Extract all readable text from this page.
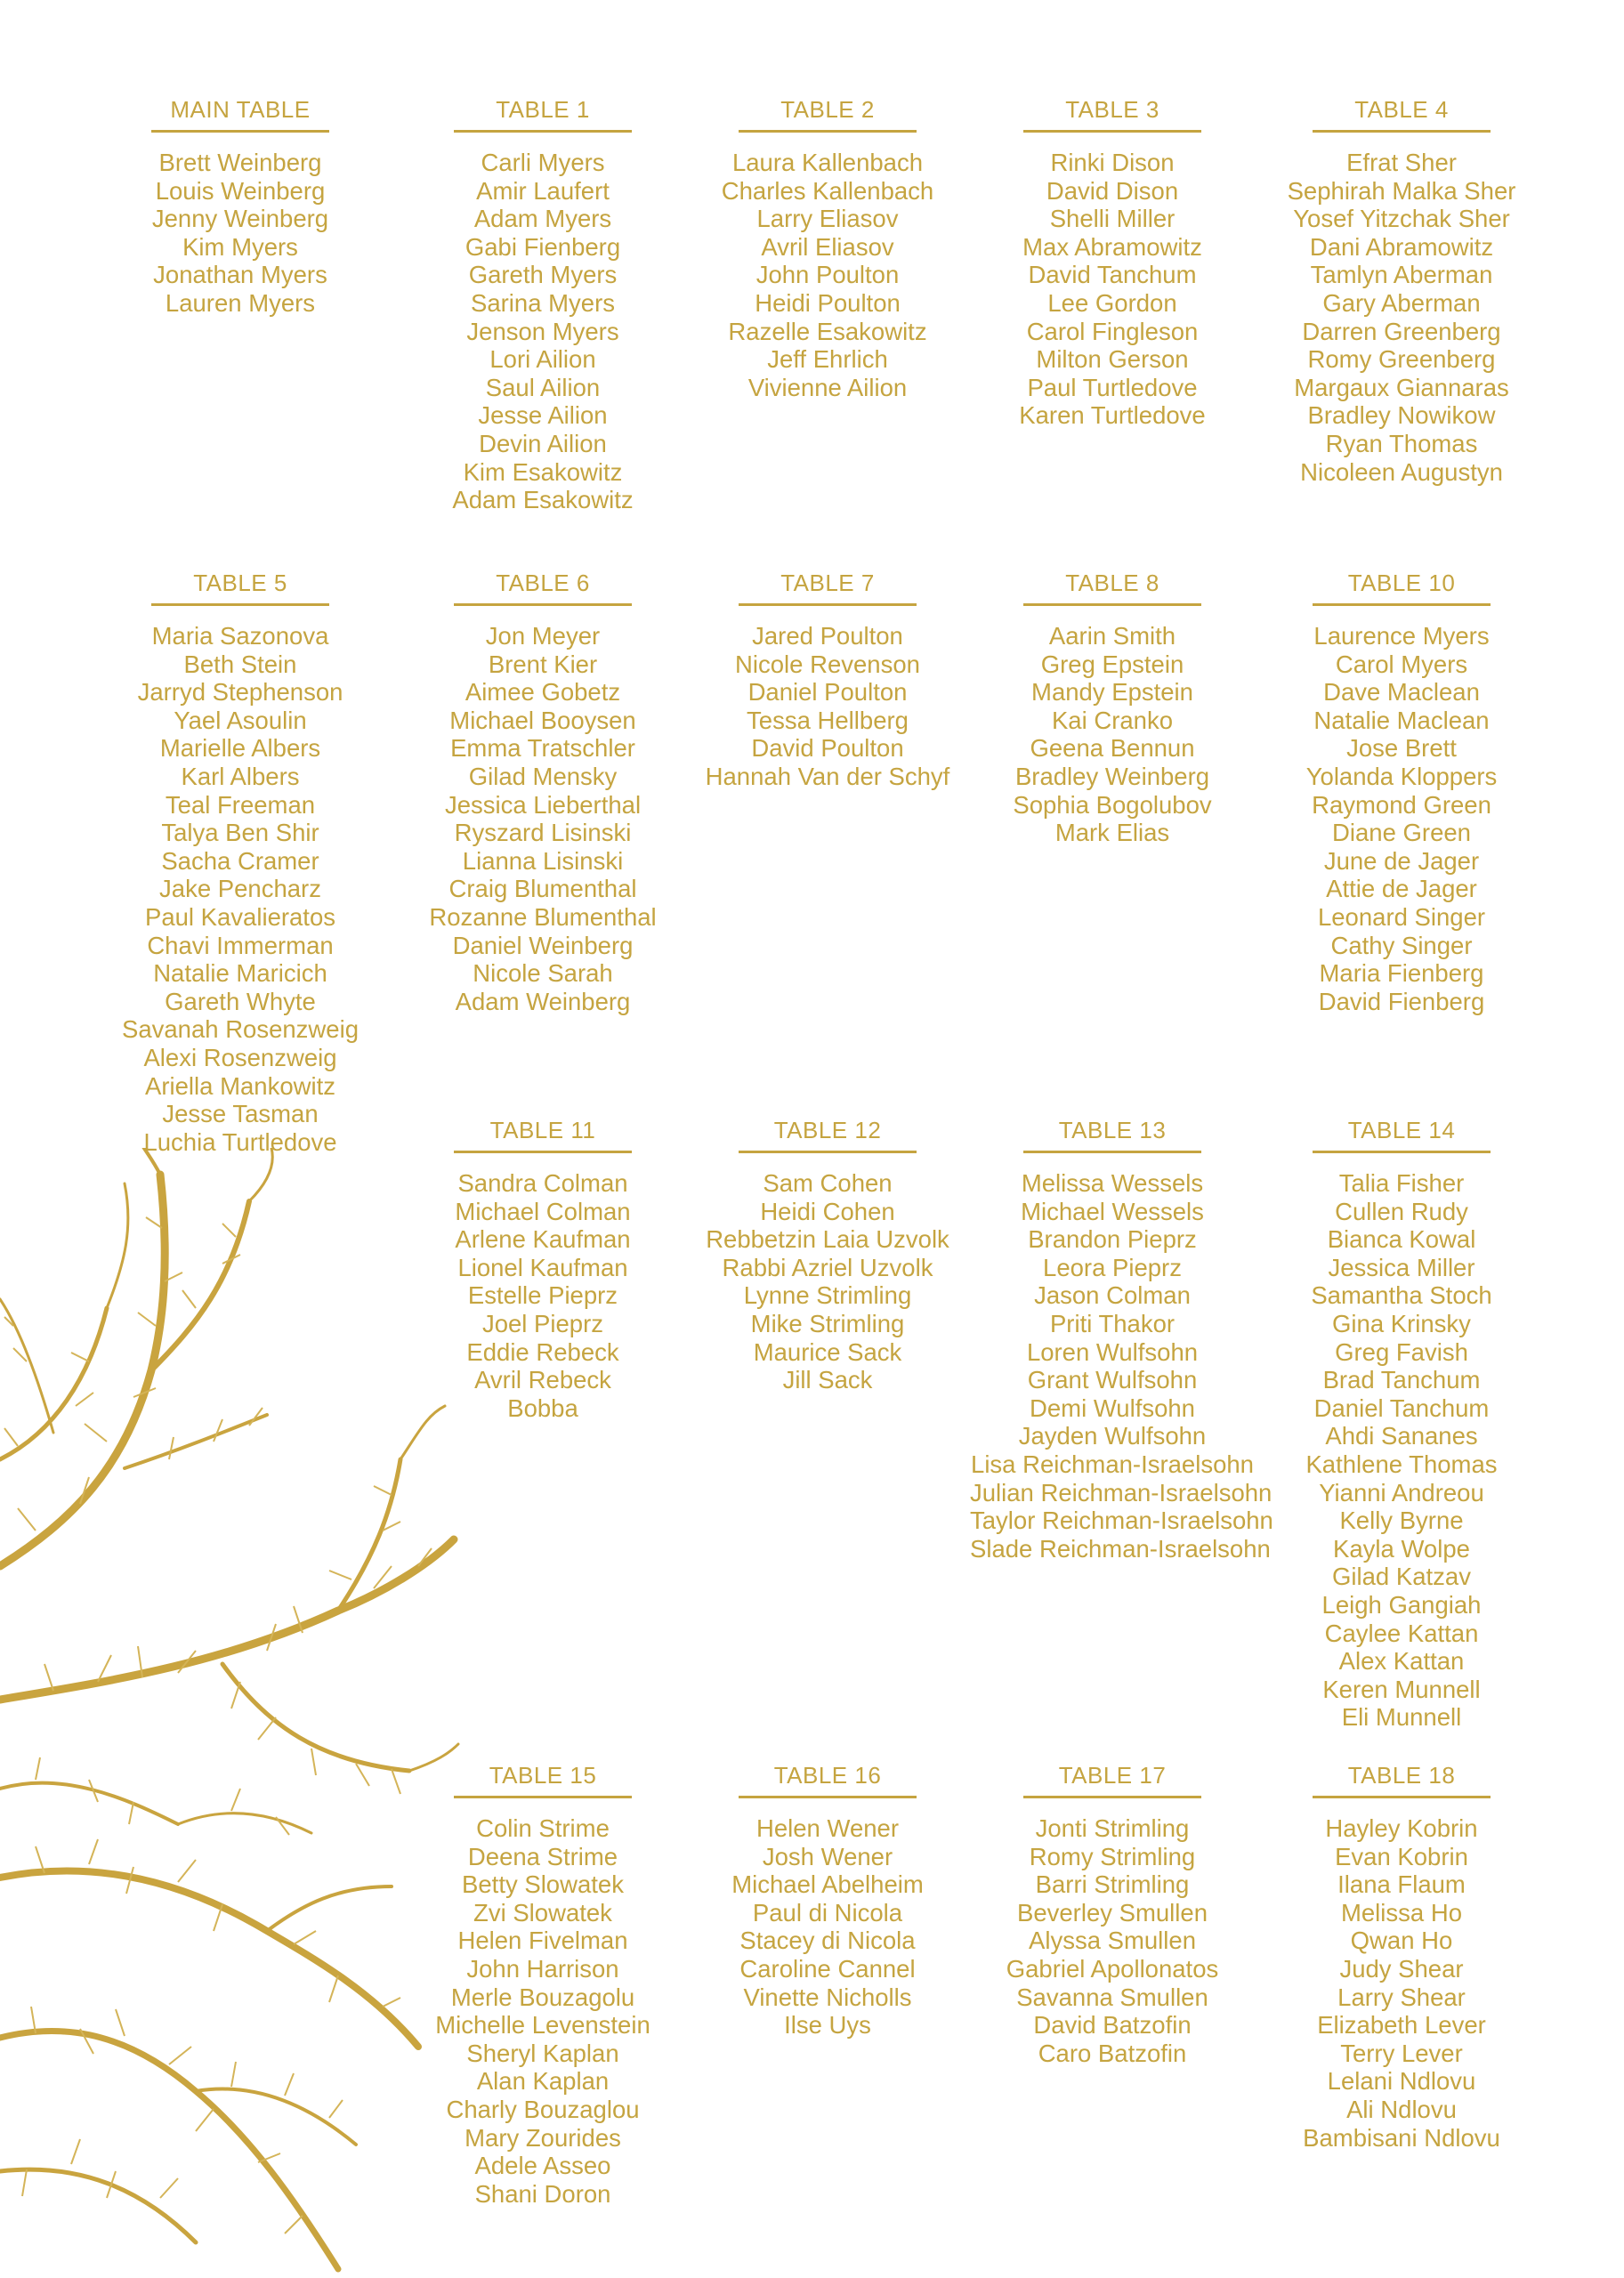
MAIN TABLE
Brett Weinberg
Louis Weinberg
Jenny Weinberg
Kim Myers
Jonathan Myers
Lauren Myers
TABLE 1
Carli Myers
Amir Laufert
Adam Myers
Gabi Fienberg
Gareth Myers
Sarina Myers
Jenson Myers
Lori Ailion
Saul Ailion
Jesse Ailion
Devin Ailion
Kim Esakowitz
Adam Esakowitz
TABLE 2
Laura Kallenbach
Charles Kallenbach
Larry Eliasov
Avril Eliasov
John Poulton
Heidi Poulton
Razelle Esakowitz
Jeff Ehrlich
Vivienne Ailion
TABLE 3
Rinki Dison
David Dison
Shelli Miller
Max Abramowitz
David Tanchum
Lee Gordon
Carol Fingleson
Milton Gerson
Paul Turtledove
Karen Turtledove
TABLE 4
Efrat Sher
Sephirah Malka Sher
Yosef Yitzchak Sher
Dani Abramowitz
Tamlyn Aberman
Gary Aberman
Darren Greenberg
Romy Greenberg
Margaux Giannaras
Bradley Nowikow
Ryan Thomas
Nicoleen Augustyn
TABLE 5
Maria Sazonova
Beth Stein
Jarryd Stephenson
Yael Asoulin
Marielle Albers
Karl Albers
Teal Freeman
Talya Ben Shir
Sacha Cramer
Jake Pencharz
Paul Kavalieratos
Chavi Immerman
Natalie Maricich
Gareth Whyte
Savanah Rosenzweig
Alexi Rosenzweig
Ariella Mankowitz
Jesse Tasman
Luchia Turtledove
TABLE 6
Jon Meyer
Brent Kier
Aimee Gobetz
Michael Booysen
Emma Tratschler
Gilad Mensky
Jessica Lieberthal
Ryszard Lisinski
Lianna Lisinski
Craig Blumenthal
Rozanne Blumenthal
Daniel Weinberg
Nicole Sarah
Adam Weinberg
TABLE 7
Jared Poulton
Nicole Revenson
Daniel Poulton
Tessa Hellberg
David Poulton
Hannah Van der Schyf
TABLE 8
Aarin Smith
Greg Epstein
Mandy Epstein
Kai Cranko
Geena Bennun
Bradley Weinberg
Sophia Bogolubov
Mark Elias
TABLE 10
Laurence Myers
Carol Myers
Dave Maclean
Natalie Maclean
Jose Brett
Yolanda Kloppers
Raymond Green
Diane Green
June de Jager
Attie de Jager
Leonard Singer
Cathy Singer
Maria Fienberg
David Fienberg
TABLE 11
Sandra Colman
Michael Colman
Arlene Kaufman
Lionel Kaufman
Estelle Pieprz
Joel Pieprz
Eddie Rebeck
Avril Rebeck
Bobba
TABLE 12
Sam Cohen
Heidi Cohen
Rebbetzin Laia Uzvolk
Rabbi Azriel Uzvolk
Lynne Strimling
Mike Strimling
Maurice Sack
Jill Sack
TABLE 13
Melissa Wessels
Michael Wessels
Brandon Pieprz
Leora Pieprz
Jason Colman
Priti Thakor
Loren Wulfsohn
Grant Wulfsohn
Demi Wulfsohn
Jayden Wulfsohn
Lisa Reichman-Israelsohn
Julian Reichman-Israelsohn
Taylor Reichman-Israelsohn
Slade Reichman-Israelsohn
TABLE 14
Talia Fisher
Cullen Rudy
Bianca Kowal
Jessica Miller
Samantha Stoch
Gina Krinsky
Greg Favish
Brad Tanchum
Daniel Tanchum
Ahdi Sananes
Kathlene Thomas
Yianni Andreou
Kelly Byrne
Kayla Wolpe
Gilad Katzav
Leigh Gangiah
Caylee Kattan
Alex Kattan
Keren Munnell
Eli Munnell
TABLE 15
Colin Strime
Deena Strime
Betty Slowatek
Zvi Slowatek
Helen Fivelman
John Harrison
Merle Bouzagolu
Michelle Levenstein
Sheryl Kaplan
Alan Kaplan
Charly Bouzaglou
Mary Zourides
Adele Asseo
Shani Doron
TABLE 16
Helen Wener
Josh Wener
Michael Abelheim
Paul di Nicola
Stacey di Nicola
Caroline Cannel
Vinette Nicholls
Ilse Uys
TABLE 17
Jonti Strimling
Romy Strimling
Barri Strimling
Beverley Smullen
Alyssa Smullen
Gabriel Apollonatos
Savanna Smullen
David Batzofin
Caro Batzofin
TABLE 18
Hayley Kobrin
Evan Kobrin
Ilana Flaum
Melissa Ho
Qwan Ho
Judy Shear
Larry Shear
Elizabeth Lever
Terry Lever
Lelani Ndlovu
Ali Ndlovu
Bambisani Ndlovu
